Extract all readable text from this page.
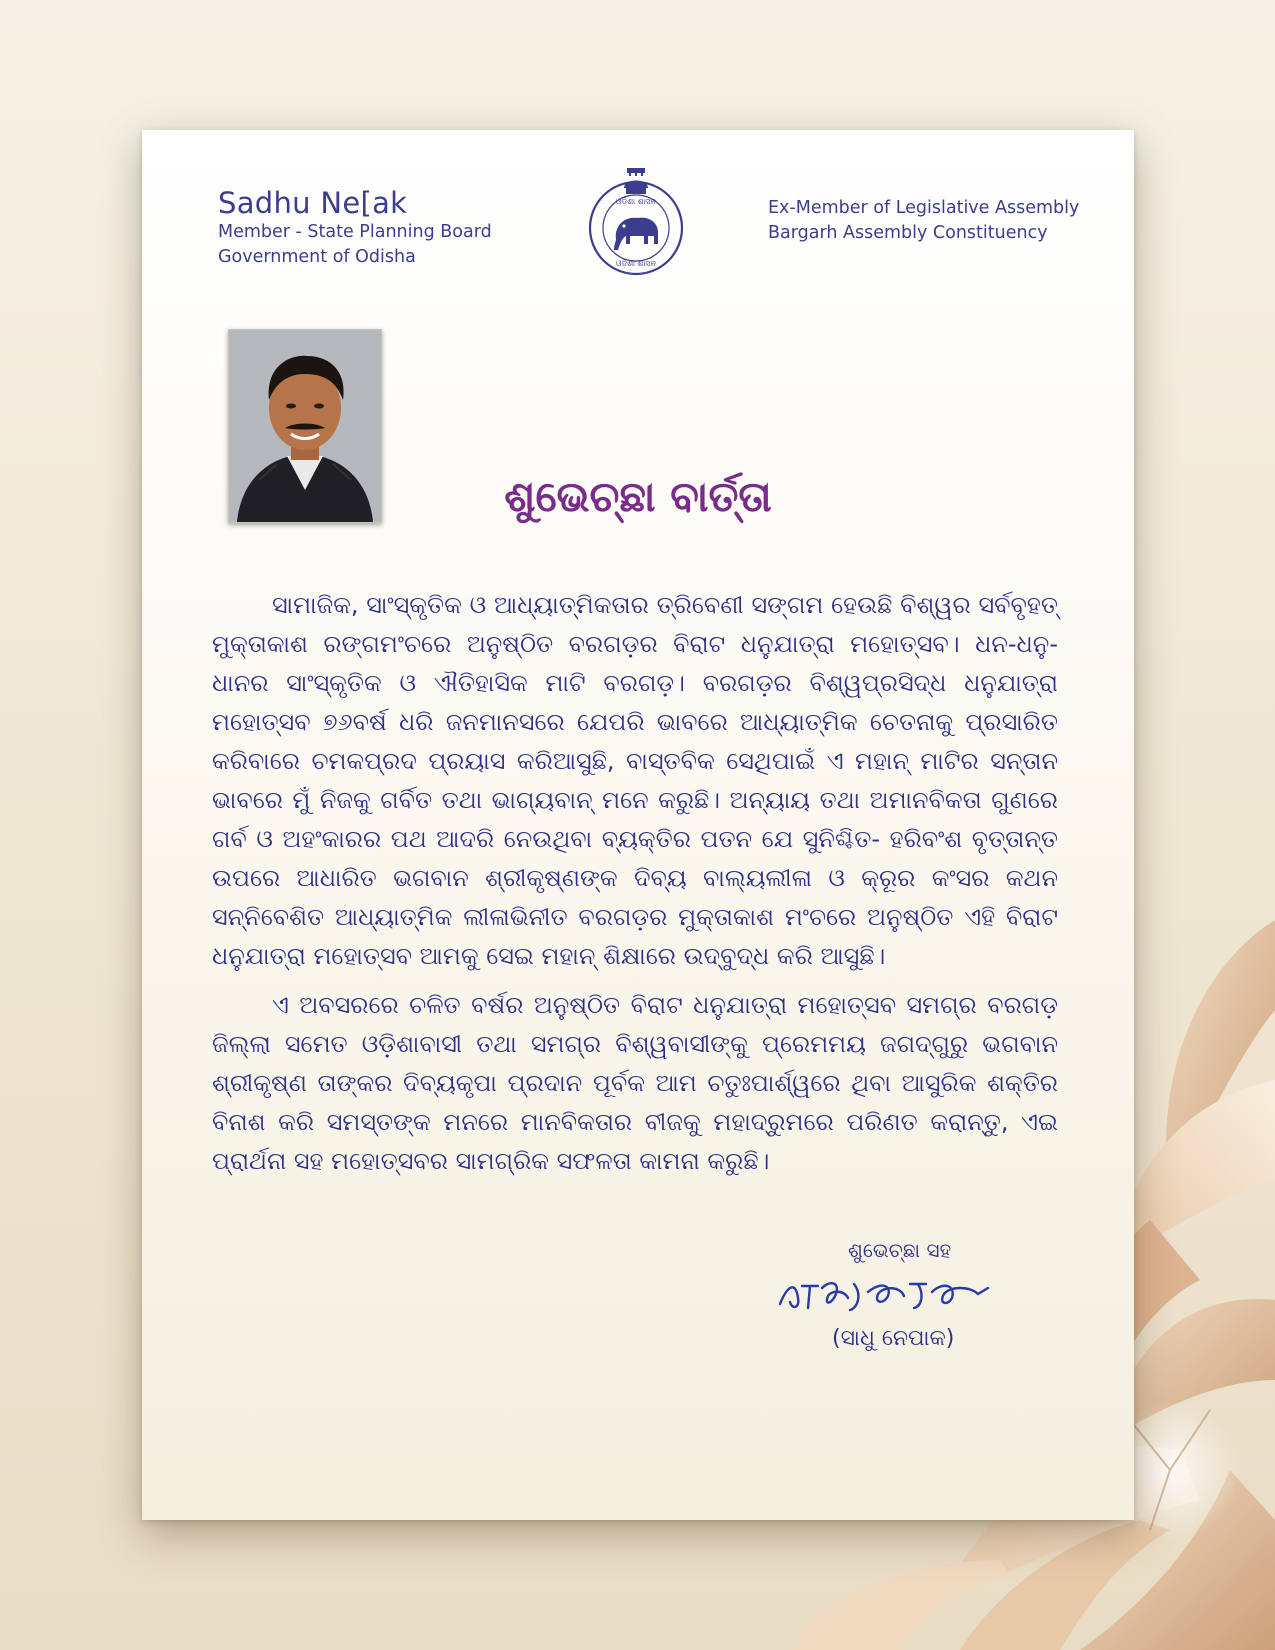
Sadhu Ne[ak
Member - State Planning Board
Government of Odisha
ଓଡ଼ିଶା ଶାସନ
ଓଡ଼ିଶା ଶାସନ
Ex-Member of Legislative Assembly
Bargarh Assembly Constituency
ଶୁଭେଚ୍ଛା ବାର୍ତ୍ତା

ସାମାଜିକ, ସାଂସ୍କୃତିକ ଓ ଆଧ୍ୟାତ୍ମିକତାର ତ୍ରିବେଣୀ ସଙ୍ଗମ ହେଉଛି ବିଶ୍ୱର ସର୍ବବୃହତ୍ ମୁକ୍ତାକାଶ ରଙ୍ଗମଂଚରେ ଅନୁଷ୍ଠିତ ବରଗଡ଼ର ବିରାଟ ଧନୁଯାତ୍ରା ମହୋତ୍ସବ। ଧନ-ଧନୁ-ଧାନର ସାଂସ୍କୃତିକ ଓ ଐତିହାସିକ ମାଟି ବରଗଡ଼। ବରଗଡ଼ର ବିଶ୍ୱପ୍ରସିଦ୍ଧ ଧନୁଯାତ୍ରା ମହୋତ୍ସବ ୭୬ବର୍ଷ ଧରି ଜନମାନସରେ ଯେପରି ଭାବରେ ଆଧ୍ୟାତ୍ମିକ ଚେତନାକୁ ପ୍ରସାରିତ କରିବାରେ ଚମକପ୍ରଦ ପ୍ରୟାସ କରିଆସୁଛି, ବାସ୍ତବିକ ସେଥିପାଇଁ ଏ ମହାନ୍ ମାଟିର ସନ୍ତାନ ଭାବରେ ମୁଁ ନିଜକୁ ଗର୍ବିତ ତଥା ଭାଗ୍ୟବାନ୍ ମନେ କରୁଛି। ଅନ୍ୟାୟ ତଥା ଅମାନବିକତା ଗୁଣରେ ଗର୍ବ ଓ ଅହଂକାରର ପଥ ଆଦରି ନେଉଥିବା ବ୍ୟକ୍ତିର ପତନ ଯେ ସୁନିଶ୍ଚିତ- ହରିବଂଶ ବୃତ୍ତାନ୍ତ ଉପରେ ଆଧାରିତ ଭଗବାନ ଶ୍ରୀକୃଷ୍ଣଙ୍କ ଦିବ୍ୟ ବାଲ୍ୟଲୀଳା ଓ କ୍ରୂର କଂସର କଥନ ସନ୍ନିବେଶିତ ଆଧ୍ୟାତ୍ମିକ ଲୀଳାଭିନୀତ ବରଗଡ଼ର ମୁକ୍ତାକାଶ ମଂଚରେ ଅନୁଷ୍ଠିତ ଏହି ବିରାଟ ଧନୁଯାତ୍ରା ମହୋତ୍ସବ ଆମକୁ ସେଇ ମହାନ୍ ଶିକ୍ଷାରେ ଉଦ୍‌ବୁଦ୍ଧ କରି ଆସୁଛି।

ଏ ଅବସରରେ ଚଳିତ ବର୍ଷର ଅନୁଷ୍ଠିତ ବିରାଟ ଧନୁଯାତ୍ରା ମହୋତ୍ସବ ସମଗ୍ର ବରଗଡ଼ ଜିଲ୍ଲା ସମେତ ଓଡ଼ିଶାବାସୀ ତଥା ସମଗ୍ର ବିଶ୍ୱବାସୀଙ୍କୁ ପ୍ରେମମୟ ଜଗଦ୍‌ଗୁରୁ ଭଗବାନ ଶ୍ରୀକୃଷ୍ଣ ତାଙ୍କର ଦିବ୍ୟକୃପା ପ୍ରଦାନ ପୂର୍ବକ ଆମ ଚତୁଃପାର୍ଶ୍ୱରେ ଥିବା ଆସୁରିକ ଶକ୍ତିର ବିନାଶ କରି ସମସ୍ତଙ୍କ ମନରେ ମାନବିକତାର ବୀଜକୁ ମହାଦ୍ରୁମରେ ପରିଣତ କରାନ୍ତୁ, ଏଇ ପ୍ରାର୍ଥନା ସହ ମହୋତ୍ସବର ସାମଗ୍ରିକ ସଫଳତା କାମନା କରୁଛି।

ଶୁଭେଚ୍ଛା ସହ
(ସାଧୁ ନେପାକ)
